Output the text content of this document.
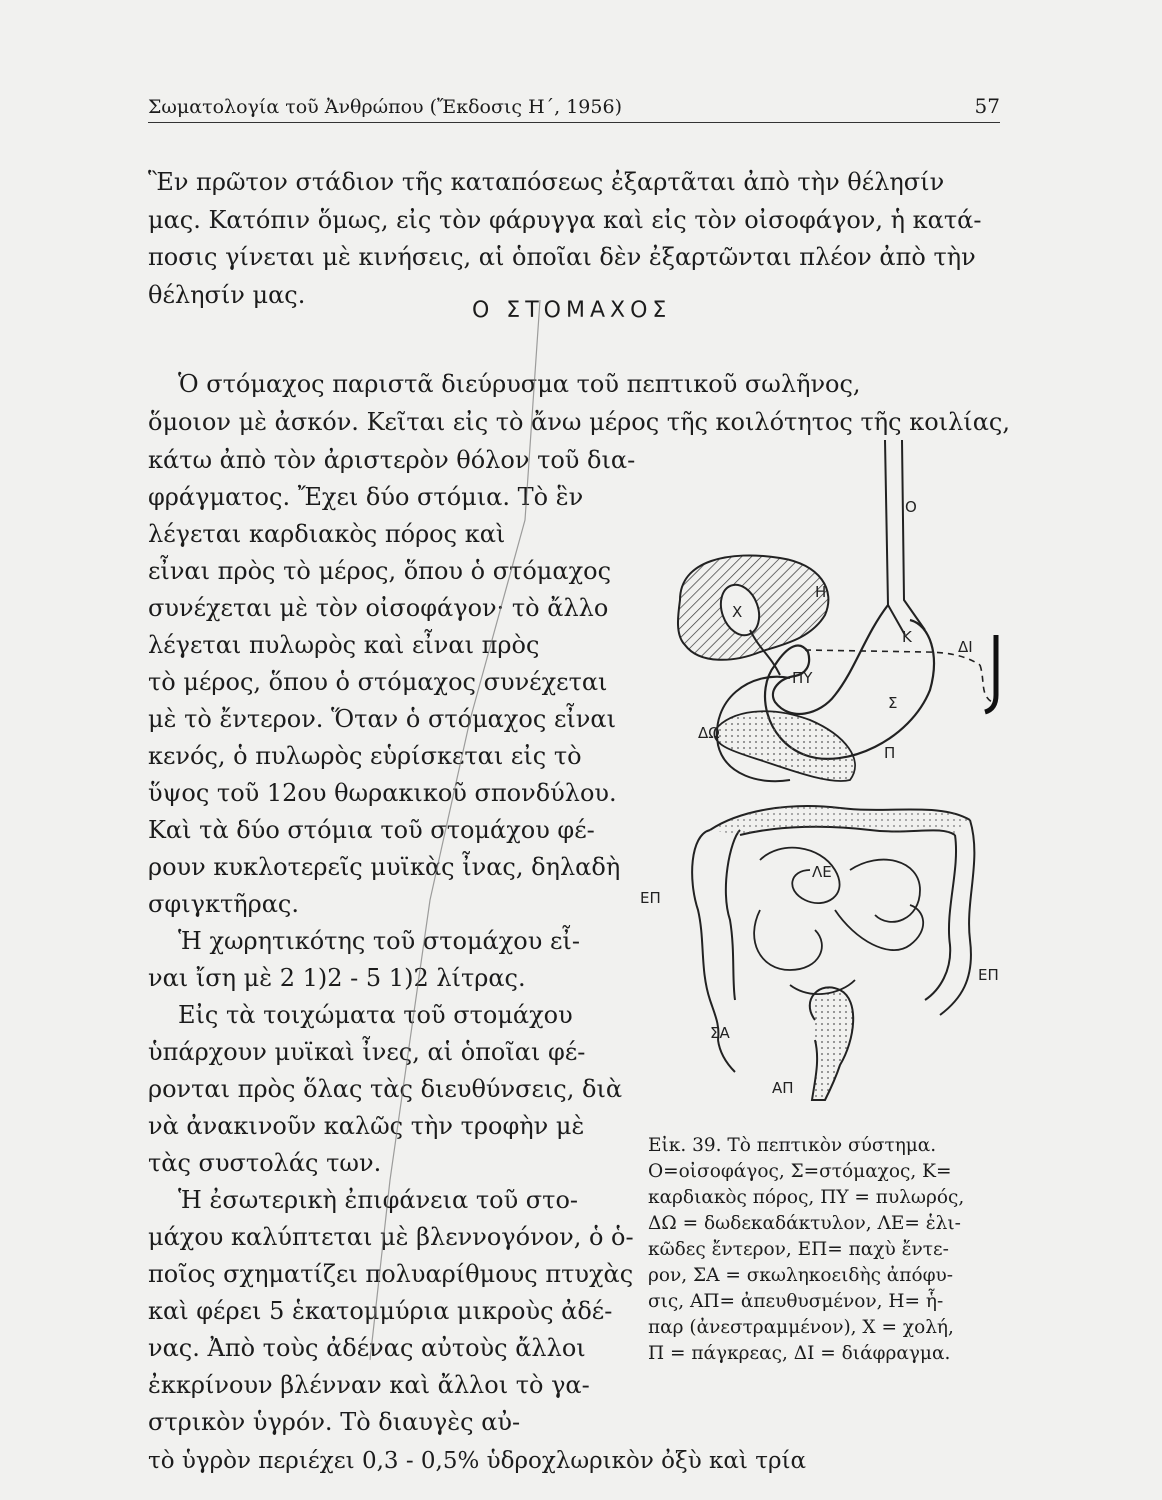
Σωματολογία τοῦ Ἀνθρώπου (Ἔκδοσις Η΄, 1956)	57
Ἓν πρῶτον στάδιον τῆς καταπόσεως ἐξαρτᾶται ἀπὸ τὴν θέλησίν
μας. Κατόπιν ὅμως, εἰς τὸν φάρυγγα καὶ εἰς τὸν οἰσοφάγον, ἡ κατά-
ποσις γίνεται μὲ κινήσεις, αἱ ὁποῖαι δὲν ἐξαρτῶνται πλέον ἀπὸ τὴν
θέλησίν μας.
Ο ΣΤΟΜΑΧΟΣ
Ὁ στόμαχος παριστᾶ διεύρυσμα τοῦ πεπτικοῦ σωλῆνος,
ὅμοιον μὲ ἀσκόν. Κεῖται εἰς τὸ ἄνω μέρος τῆς κοιλότητος τῆς κοιλίας,
κάτω ἀπὸ τὸν ἀριστερὸν θόλον τοῦ δια-
φράγματος. Ἔχει δύο στόμια. Τὸ ἓν
λέγεται καρδιακὸς πόρος καὶ
εἶναι πρὸς τὸ μέρος, ὅπου ὁ στόμαχος
συνέχεται μὲ τὸν οἰσοφάγον· τὸ ἄλλο
λέγεται πυλωρὸς καὶ εἶναι πρὸς
τὸ μέρος, ὅπου ὁ στόμαχος συνέχεται
μὲ τὸ ἔντερον. Ὅταν ὁ στόμαχος εἶναι
κενός, ὁ πυλωρὸς εὑρίσκεται εἰς τὸ
ὕψος τοῦ 12ου θωρακικοῦ σπονδύλου.
Καὶ τὰ δύο στόμια τοῦ στομάχου φέ-
ρουν κυκλοτερεῖς μυϊκὰς ἶνας, δηλαδὴ
σφιγκτῆρας.
Ἡ χωρητικότης τοῦ στομάχου εἶ-
ναι ἴση μὲ 2 1)2 - 5 1)2 λίτρας.
Εἰς τὰ τοιχώματα τοῦ στομάχου
ὑπάρχουν μυϊκαὶ ἶνες, αἱ ὁποῖαι φέ-
ρονται πρὸς ὅλας τὰς διευθύνσεις, διὰ
νὰ ἀνακινοῦν καλῶς τὴν τροφὴν μὲ
τὰς συστολάς των.
Ἡ ἐσωτερικὴ ἐπιφάνεια τοῦ στο-
μάχου καλύπτεται μὲ βλεννογόνον, ὁ ὁ-
ποῖος σχηματίζει πολυαρίθμους πτυχὰς
καὶ φέρει 5 ἑκατομμύρια μικροὺς ἀδέ-
νας. Ἀπὸ τοὺς ἀδένας αὐτοὺς ἄλλοι
ἐκκρίνουν βλένναν καὶ ἄλλοι τὸ γα-
στρικὸν ὑγρόν. Τὸ διαυγὲς αὐ-
τὸ ὑγρὸν περιέχει 0,3 - 0,5% ὑδροχλωρικὸν ὀξὺ καὶ τρία
Ο
Η
Χ
Κ
ΔΙ
ΠΥ
Σ
ΔΩ
Π
ΛΕ
ΕΠ
ΕΠ
ΣΑ
ΑΠ
Εἰκ. 39. Τὸ πεπτικὸν σύστημα.
Ο=οἰσοφάγος, Σ=στόμαχος, Κ=
καρδιακὸς πόρος, ΠΥ = πυλωρός,
ΔΩ = δωδεκαδάκτυλον, ΛΕ= ἑλι-
κῶδες ἔντερον, ΕΠ= παχὺ ἔντε-
ρον, ΣΑ = σκωληκοειδὴς ἀπόφυ-
σις, ΑΠ= ἀπευθυσμένον, Η= ἧ-
παρ (ἀνεστραμμένον), Χ = χολή,
Π = πάγκρεας, ΔΙ = διάφραγμα.
